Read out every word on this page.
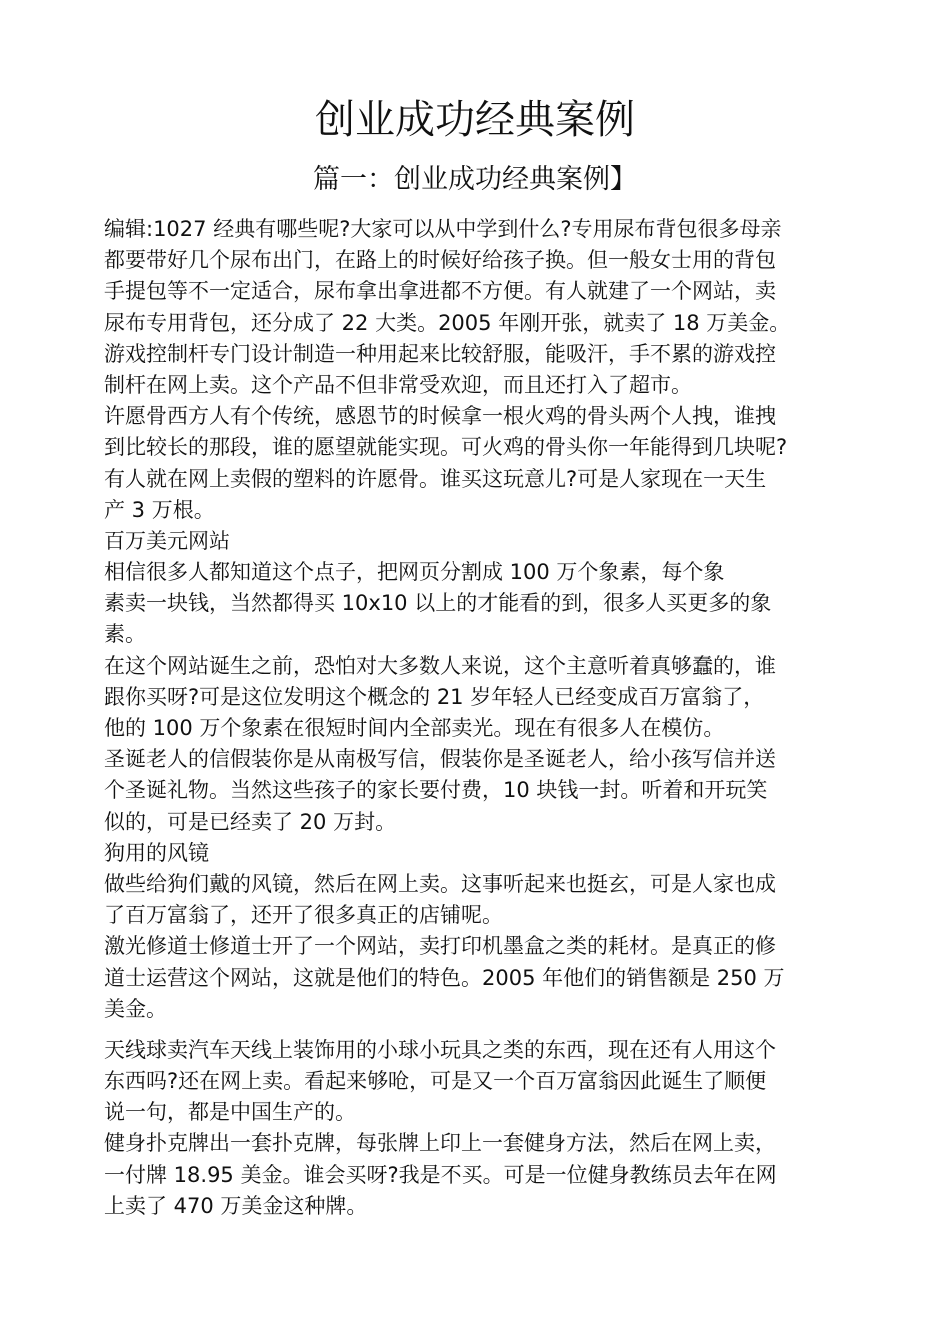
创业成功经典案例
篇一：创业成功经典案例】
编辑:1027 经典有哪些呢?大家可以从中学到什么?专用尿布背包很多母亲
都要带好几个尿布出门，在路上的时候好给孩子换。但一般女士用的背包
手提包等不一定适合，尿布拿出拿进都不方便。有人就建了一个网站，卖
尿布专用背包，还分成了 22 大类。2005 年刚开张，就卖了 18 万美金。
游戏控制杆专门设计制造一种用起来比较舒服，能吸汗，手不累的游戏控
制杆在网上卖。这个产品不但非常受欢迎，而且还打入了超市。
许愿骨西方人有个传统，感恩节的时候拿一根火鸡的骨头两个人拽，谁拽
到比较长的那段，谁的愿望就能实现。可火鸡的骨头你一年能得到几块呢?
有人就在网上卖假的塑料的许愿骨。谁买这玩意儿?可是人家现在一天生
产 3 万根。
百万美元网站
相信很多人都知道这个点子，把网页分割成 100 万个象素，每个象
素卖一块钱，当然都得买 10x10 以上的才能看的到，很多人买更多的象
素。
在这个网站诞生之前，恐怕对大多数人来说，这个主意听着真够蠢的，谁
跟你买呀?可是这位发明这个概念的 21 岁年轻人已经变成百万富翁了，
他的 100 万个象素在很短时间内全部卖光。现在有很多人在模仿。
圣诞老人的信假装你是从南极写信，假装你是圣诞老人，给小孩写信并送
个圣诞礼物。当然这些孩子的家长要付费，10 块钱一封。听着和开玩笑
似的，可是已经卖了 20 万封。
狗用的风镜
做些给狗们戴的风镜，然后在网上卖。这事听起来也挺玄，可是人家也成
了百万富翁了，还开了很多真正的店铺呢。
激光修道士修道士开了一个网站，卖打印机墨盒之类的耗材。是真正的修
道士运营这个网站，这就是他们的特色。2005 年他们的销售额是 250 万
美金。
天线球卖汽车天线上装饰用的小球小玩具之类的东西，现在还有人用这个
东西吗?还在网上卖。看起来够呛，可是又一个百万富翁因此诞生了顺便
说一句，都是中国生产的。
健身扑克牌出一套扑克牌，每张牌上印上一套健身方法，然后在网上卖，
一付牌 18.95 美金。谁会买呀?我是不买。可是一位健身教练员去年在网
上卖了 470 万美金这种牌。
